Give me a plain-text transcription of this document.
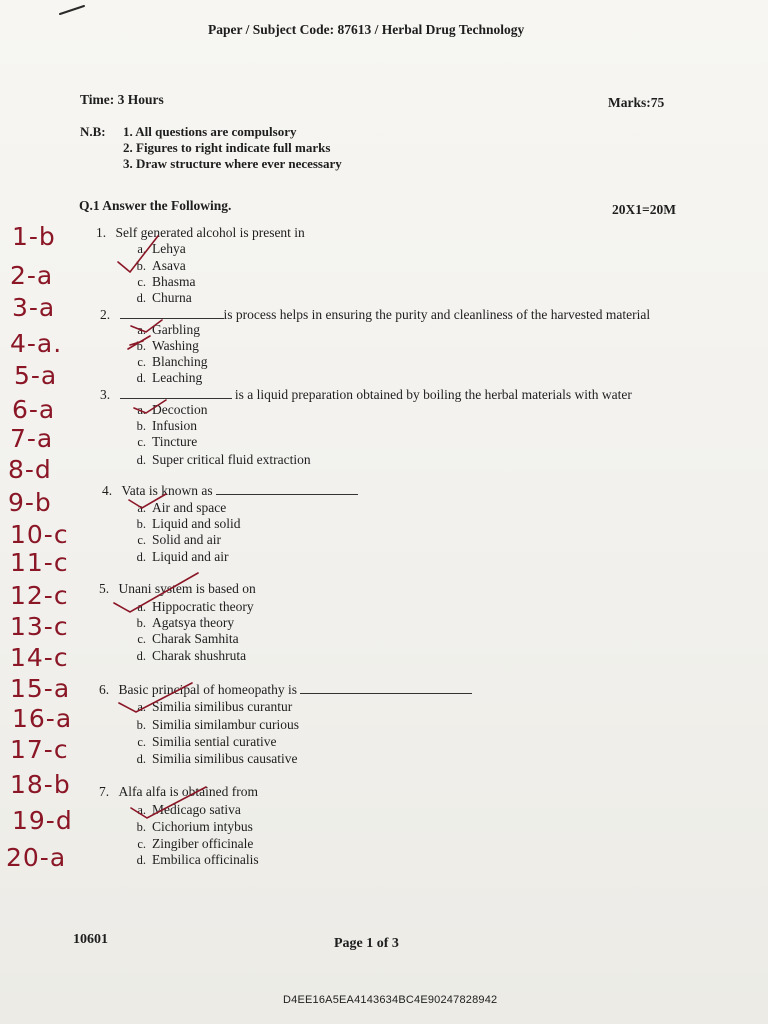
Paper / Subject Code: 87613 / Herbal Drug Technology
Time: 3 Hours	Marks:75
N.B: 1. All questions are compulsory
2. Figures to right indicate full marks
3. Draw structure where ever necessary
Q.1 Answer the Following.	20X1=20M
1. Self generated alcohol is present in
a. Lehya
b. Asava
c. Bhasma
d. Churna
2.	is process helps in ensuring the purity and cleanliness of the harvested material
a. Garbling
b. Washing
c. Blanching
d. Leaching
3.	is a liquid preparation obtained by boiling the herbal materials with water
a. Decoction
b. Infusion
c. Tincture
d. Super critical fluid extraction
4. Vata is known as
a. Air and space
b. Liquid and solid
c. Solid and air
d. Liquid and air
5. Unani system is based on
a. Hippocratic theory
b. Agatsya theory
c. Charak Samhita
d. Charak shushruta
6. Basic principal of homeopathy is
a. Similia similibus curantur
b. Similia similambur curious
c. Similia sential curative
d. Similia similibus causative
7. Alfa alfa is obtained from
a. Medicago sativa
b. Cichorium intybus
c. Zingiber officinale
d. Embilica officinalis
1-b
2-a
3-a
4-a.
5-a
6-a
7-a
8-d
9-b
10-c
11-c
12-c
13-c
14-c
15-a
16-a
17-c
18-b
19-d
20-a
10601	Page 1 of 3
D4EE16A5EA4143634BC4E90247828942
